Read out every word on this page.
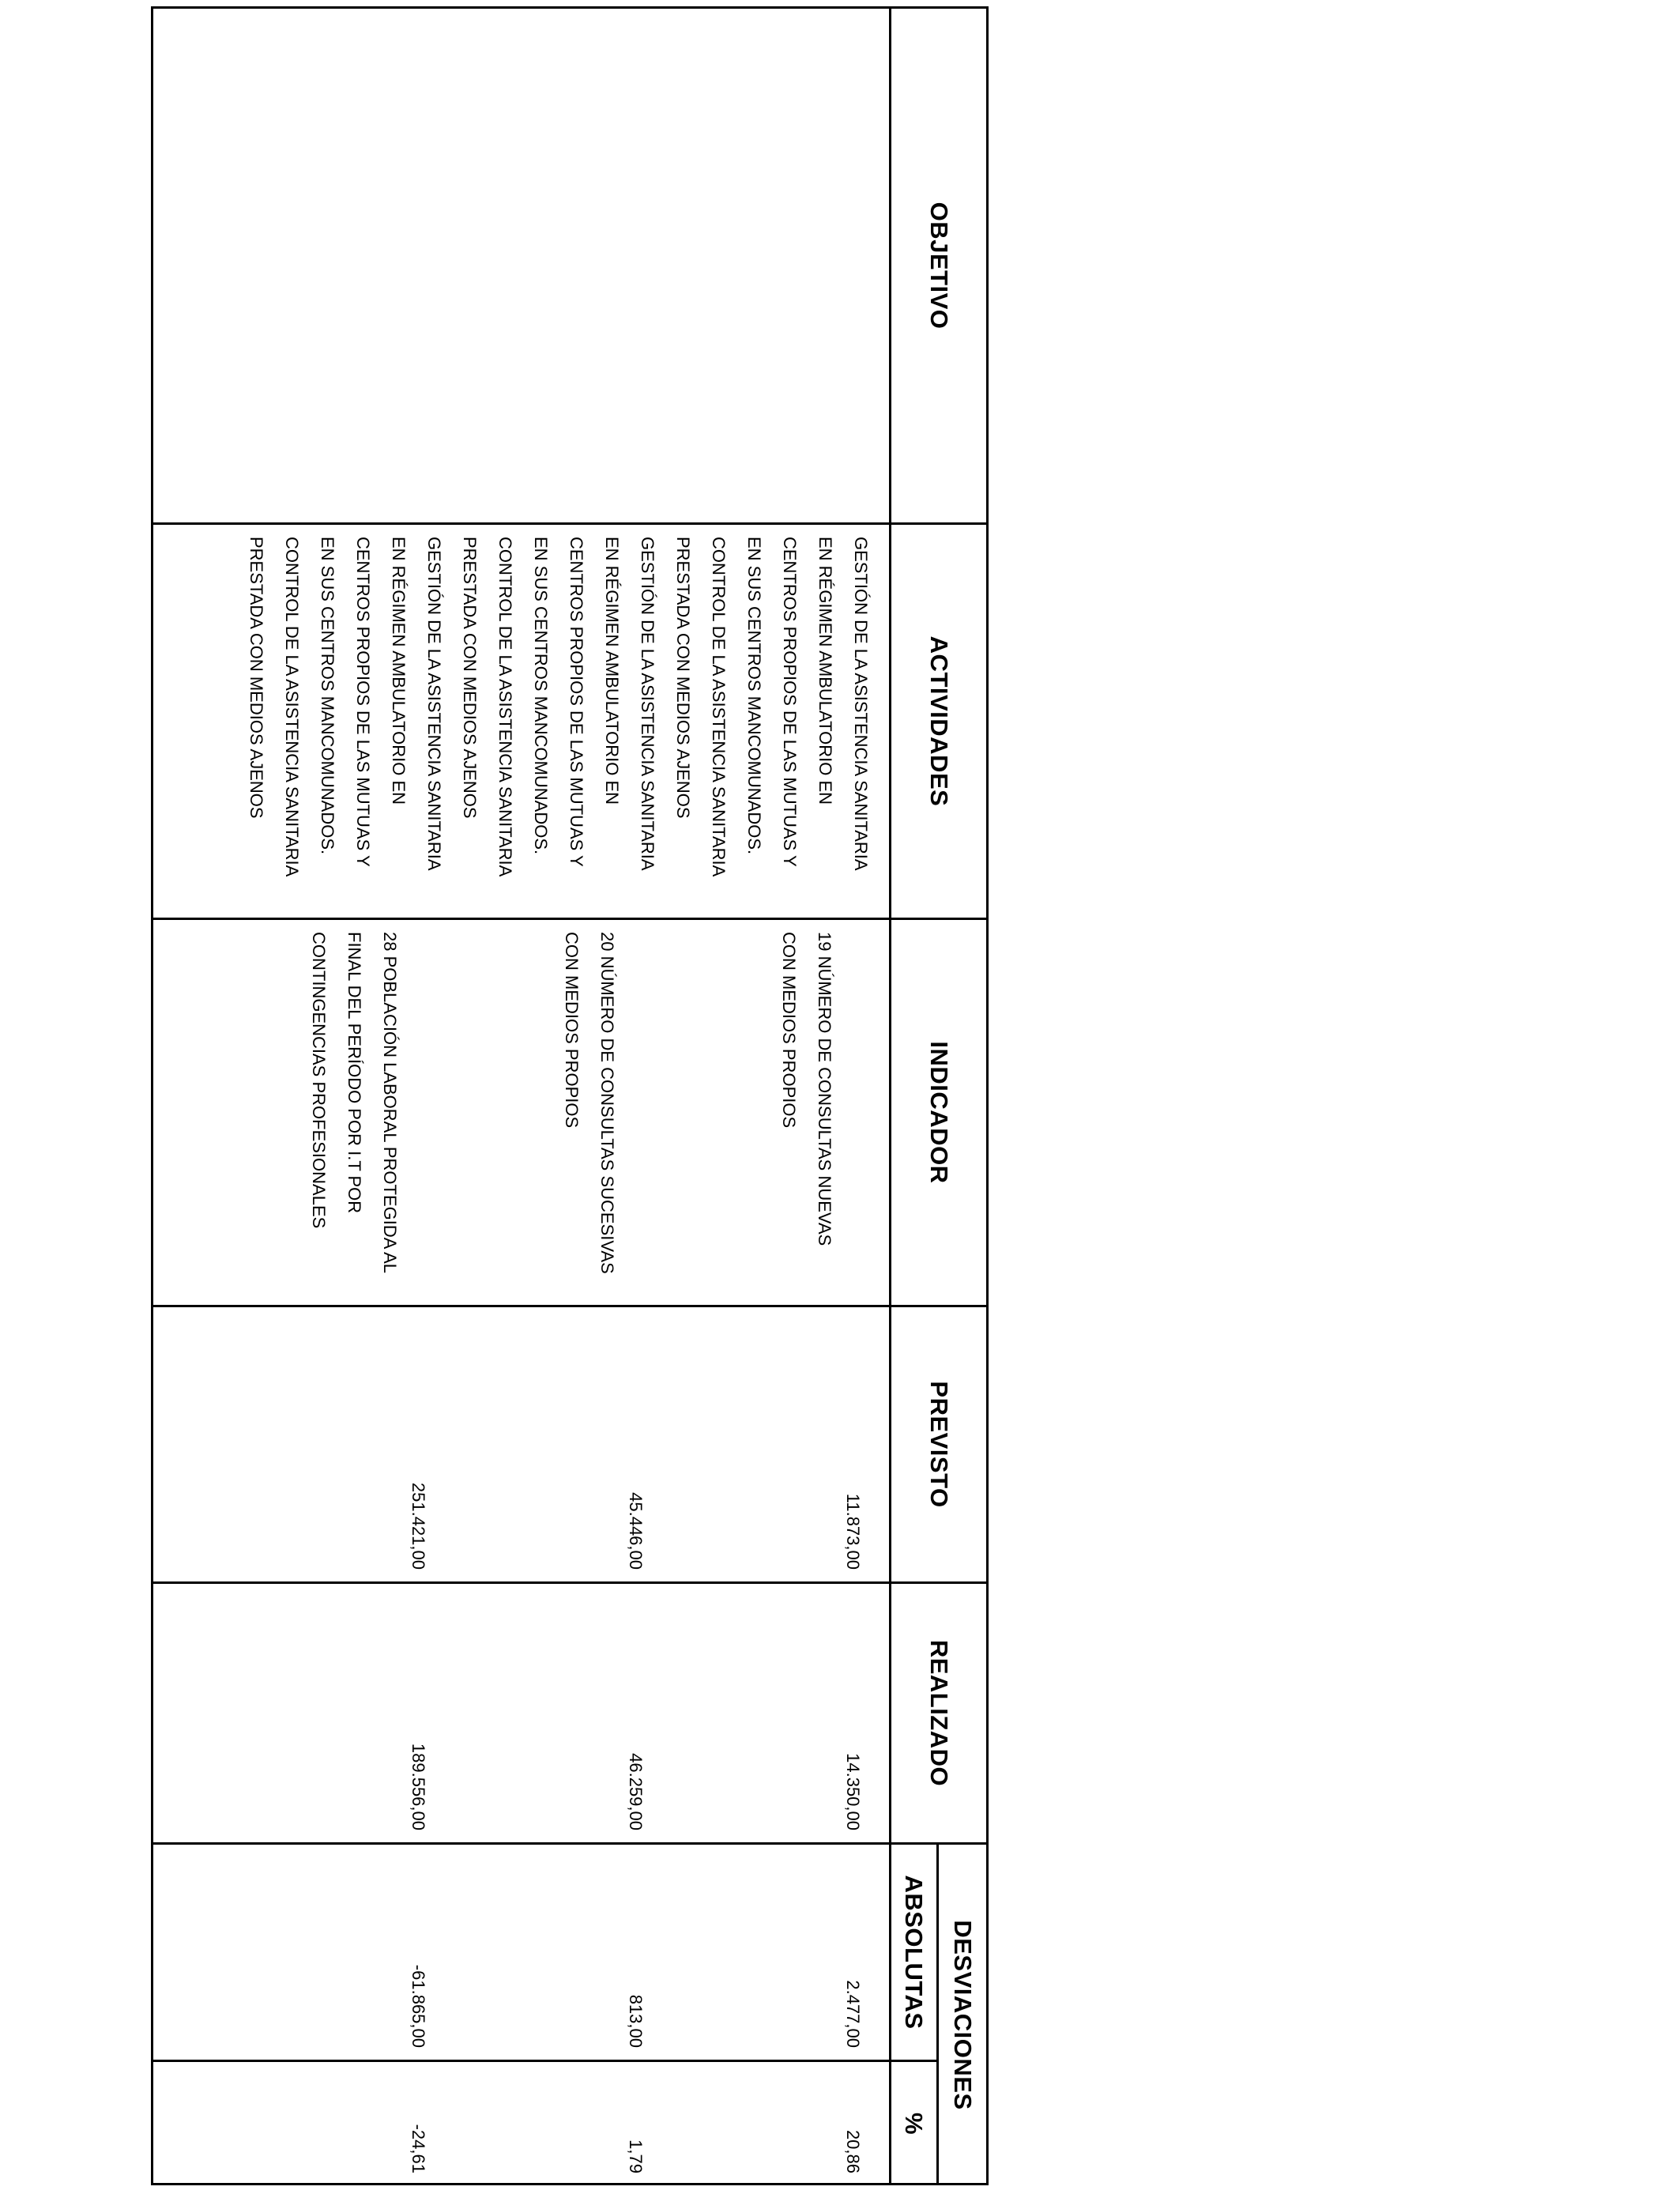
OBJETIVO
ACTIVIDADES
INDICADOR
PREVISTO
REALIZADO
DESVIACIONES
ABSOLUTAS
%
GESTIÓN DE LA ASISTENCIA SANITARIA
EN RÉGIMEN AMBULATORIO EN
CENTROS PROPIOS DE LAS MUTUAS Y
EN SUS CENTROS MANCOMUNADOS.
CONTROL DE LA ASISTENCIA SANITARIA
PRESTADA CON MEDIOS AJENOS
GESTIÓN DE LA ASISTENCIA SANITARIA
EN RÉGIMEN AMBULATORIO EN
CENTROS PROPIOS DE LAS MUTUAS Y
EN SUS CENTROS MANCOMUNADOS.
CONTROL DE LA ASISTENCIA SANITARIA
PRESTADA CON MEDIOS AJENOS
GESTIÓN DE LA ASISTENCIA SANITARIA
EN RÉGIMEN AMBULATORIO EN
CENTROS PROPIOS DE LAS MUTUAS Y
EN SUS CENTROS MANCOMUNADOS.
CONTROL DE LA ASISTENCIA SANITARIA
PRESTADA CON MEDIOS AJENOS
19 NÚMERO DE CONSULTAS NUEVAS
CON MEDIOS PROPIOS
11.873,00
14.350,00
2.477,00
20,86
20 NÚMERO DE CONSULTAS SUCESIVAS
CON MEDIOS PROPIOS
45.446,00
46.259,00
813,00
1,79
28 POBLACIÓN LABORAL PROTEGIDA AL
FINAL DEL PERÍODO POR I.T POR
CONTINGENCIAS PROFESIONALES
251.421,00
189.556,00
-61.865,00
-24,61
